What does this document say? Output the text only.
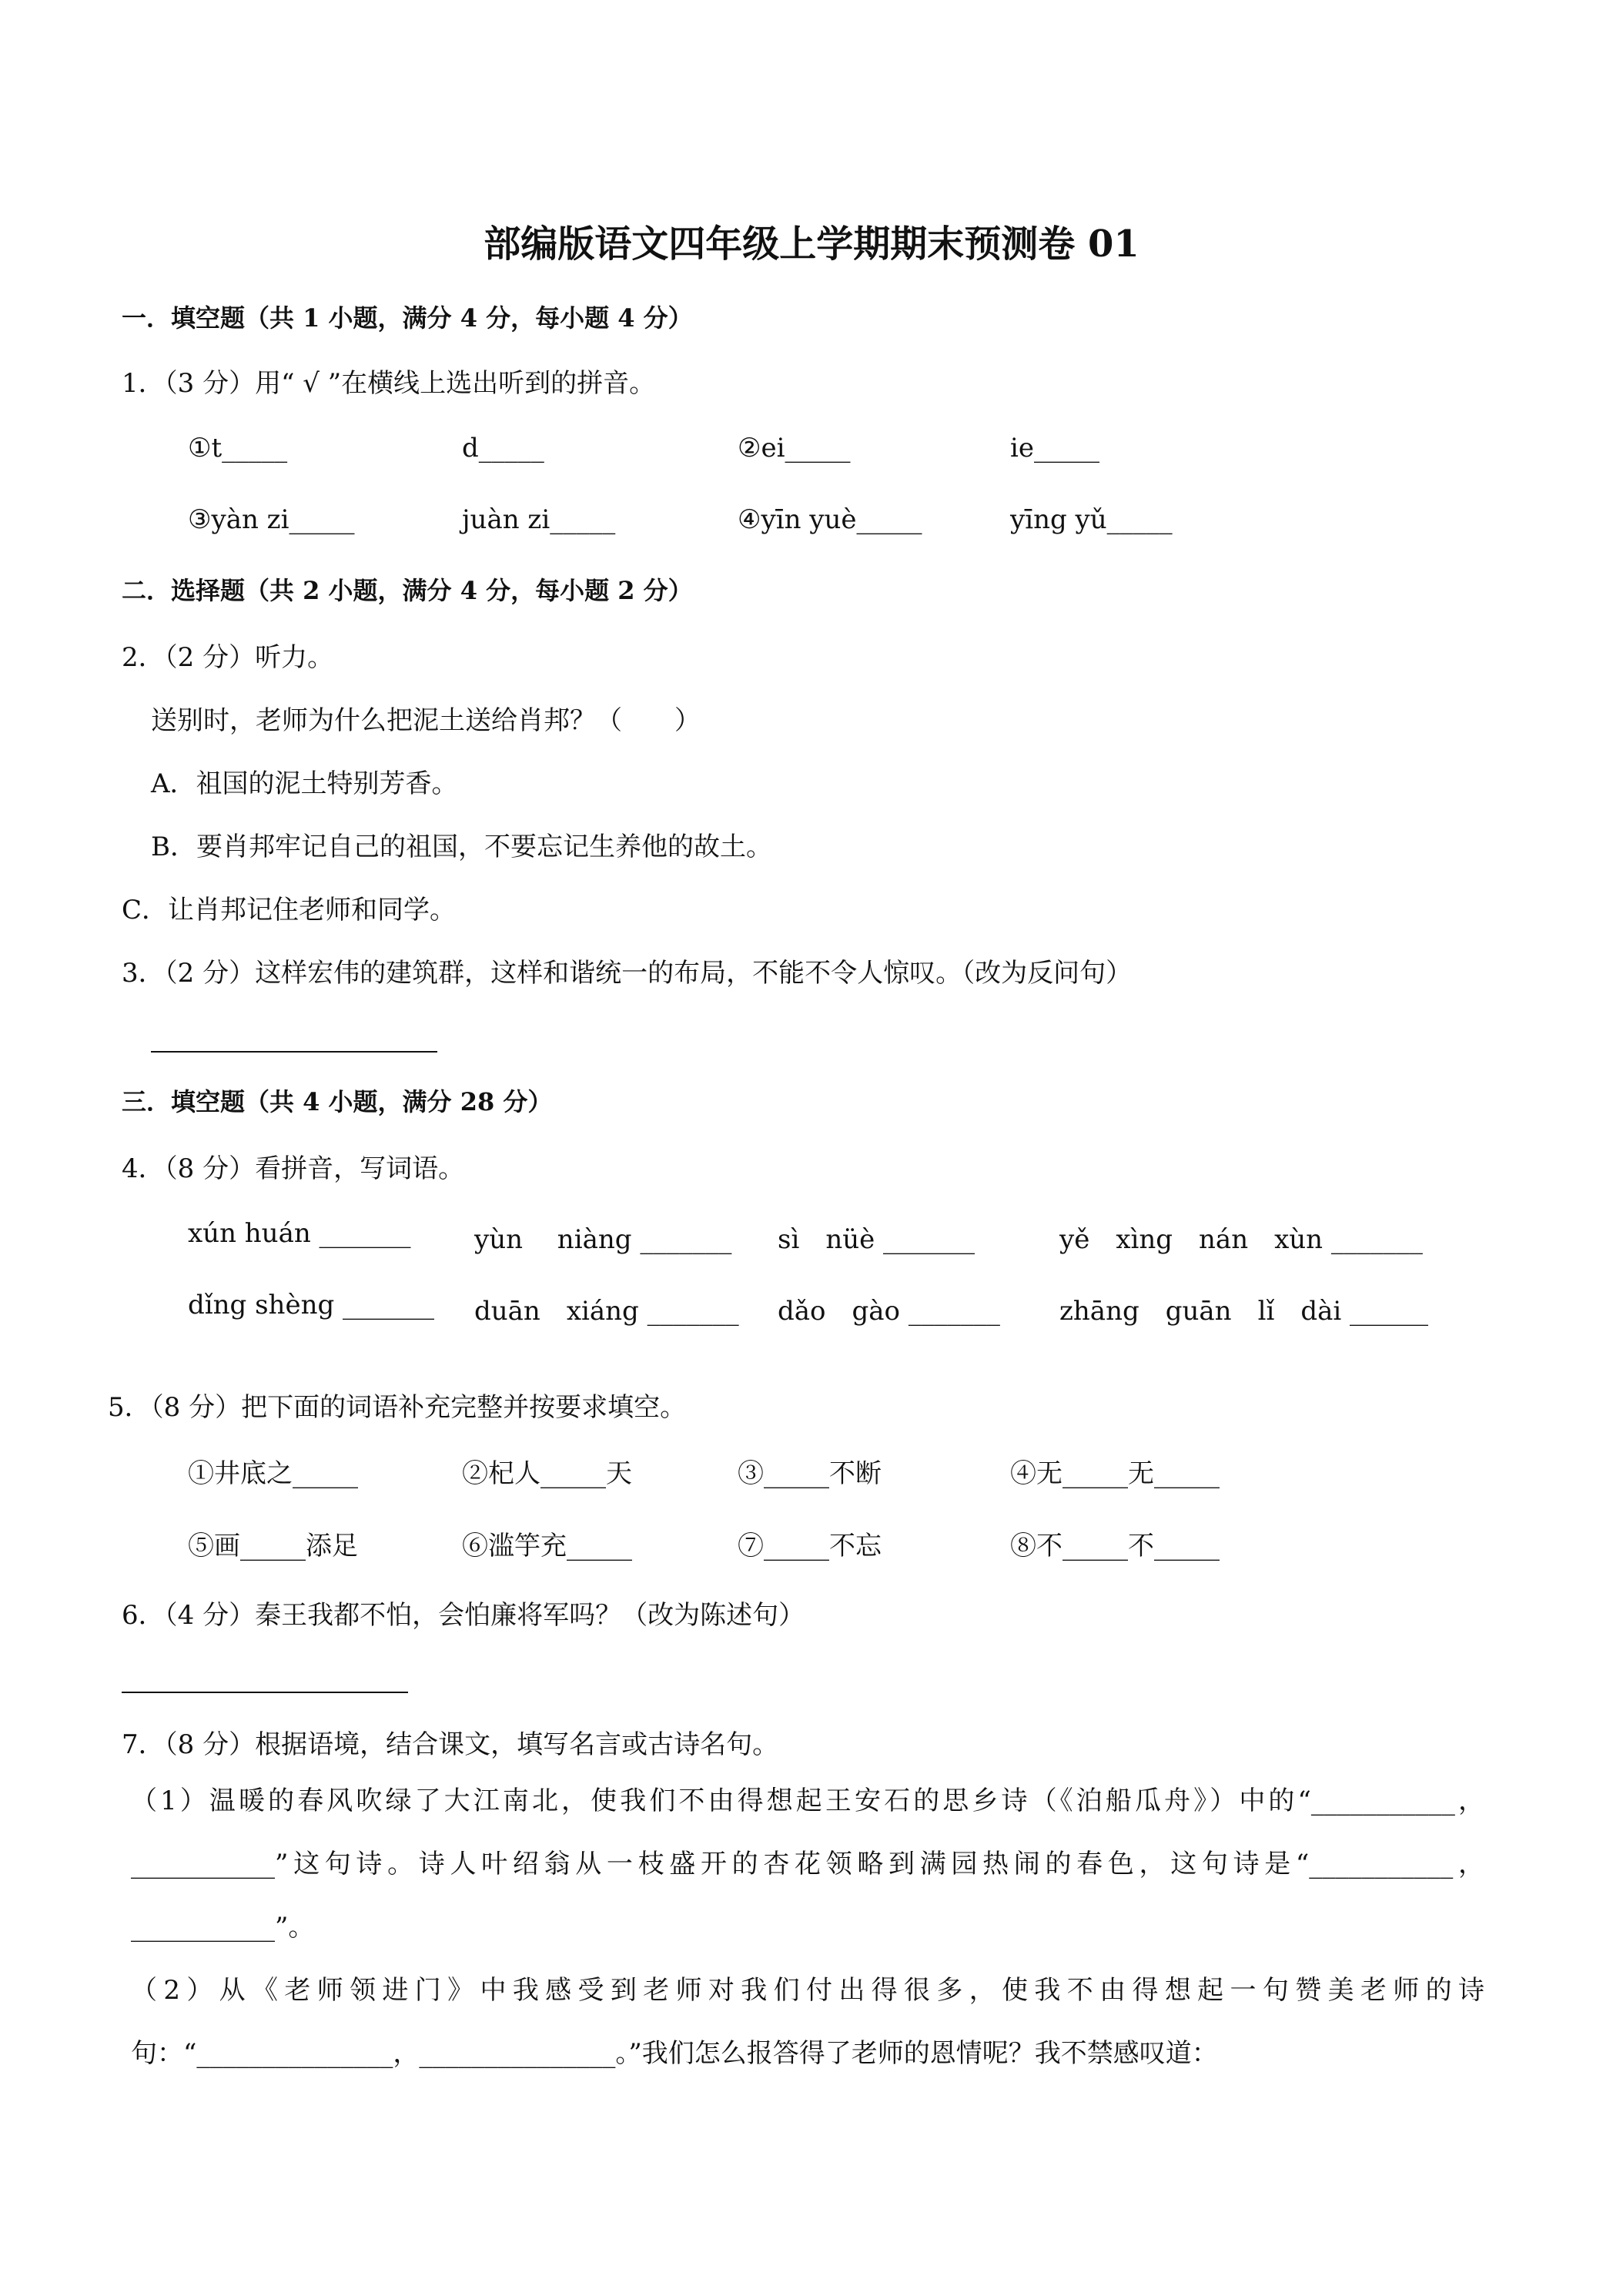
部编版语文四年级上学期期末预测卷 01
一．填空题（共 1 小题，满分 4 分，每小题 4 分）
1．（3 分）用“ √ ”在横线上选出听到的拼音。
①t_____	d_____	②ei_____	ie_____
③yàn zi_____	juàn zi_____	④yīn yuè_____	yīng yǔ_____
二．选择题（共 2 小题，满分 4 分，每小题 2 分）
2．（2 分）听力。
送别时，老师为什么把泥土送给肖邦？（　　）
A．祖国的泥土特别芳香。
B．要肖邦牢记自己的祖国，不要忘记生养他的故土。
C．让肖邦记住老师和同学。
3．（2 分）这样宏伟的建筑群，这样和谐统一的布局，不能不令人惊叹。（改为反问句）
三．填空题（共 4 小题，满分 28 分）
4．（8 分）看拼音，写词语。
xún huán _______ yùn　 niàng _______ sì　nüè _______	yě　xìng　nán　xùn _______
dǐng shèng _______ duān　xiáng _______ dǎo　gào _______ zhāng　guān　lǐ　dài ______
5．（8 分）把下面的词语补充完整并按要求填空。
①井底之_____	②杞人_____天	③_____不断	④无_____无_____
⑤画_____添足	⑥滥竽充_____	⑦_____不忘	⑧不_____不_____
6．（4 分）秦王我都不怕，会怕廉将军吗？（改为陈述句）
7．（8 分）根据语境，结合课文，填写名言或古诗名句。
（1）温暖的春风吹绿了大江南北，使我们不由得想起王安石的思乡诗（《泊船瓜舟》）中的“___________，___________”这句诗。诗人叶绍翁从一枝盛开的杏花领略到满园热闹的春色，这句诗是“___________，___________”。
（2）从《老师领进门》中我感受到老师对我们付出得很多，使我不由得想起一句赞美老师的诗句：“_______________，_______________。”我们怎么报答得了老师的恩情呢？我不禁感叹道：
